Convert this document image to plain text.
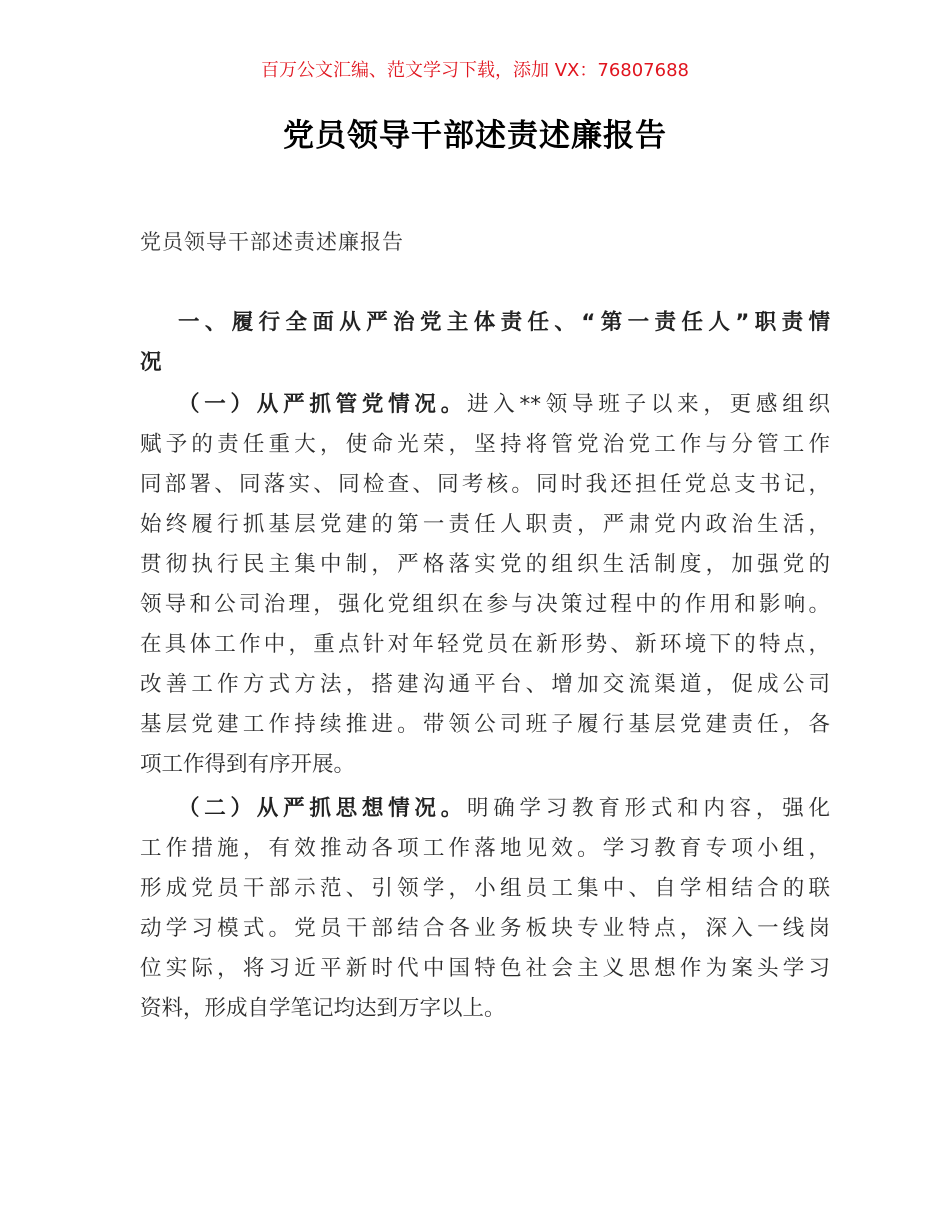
百万公文汇编、范文学习下载，添加 VX：76807688
党员领导干部述责述廉报告
党员领导干部述责述廉报告
一、履行全面从严治党主体责任、“第一责任人”职责情
况
（一）从严抓管党情况。进入**领导班子以来，更感组织
赋予的责任重大，使命光荣，坚持将管党治党工作与分管工作
同部署、同落实、同检查、同考核。同时我还担任党总支书记，
始终履行抓基层党建的第一责任人职责，严肃党内政治生活，
贯彻执行民主集中制，严格落实党的组织生活制度，加强党的
领导和公司治理，强化党组织在参与决策过程中的作用和影响。
在具体工作中，重点针对年轻党员在新形势、新环境下的特点，
改善工作方式方法，搭建沟通平台、增加交流渠道，促成公司
基层党建工作持续推进。带领公司班子履行基层党建责任，各
项工作得到有序开展。
（二）从严抓思想情况。明确学习教育形式和内容，强化
工作措施，有效推动各项工作落地见效。学习教育专项小组，
形成党员干部示范、引领学，小组员工集中、自学相结合的联
动学习模式。党员干部结合各业务板块专业特点，深入一线岗
位实际，将习近平新时代中国特色社会主义思想作为案头学习
资料，形成自学笔记均达到万字以上。
